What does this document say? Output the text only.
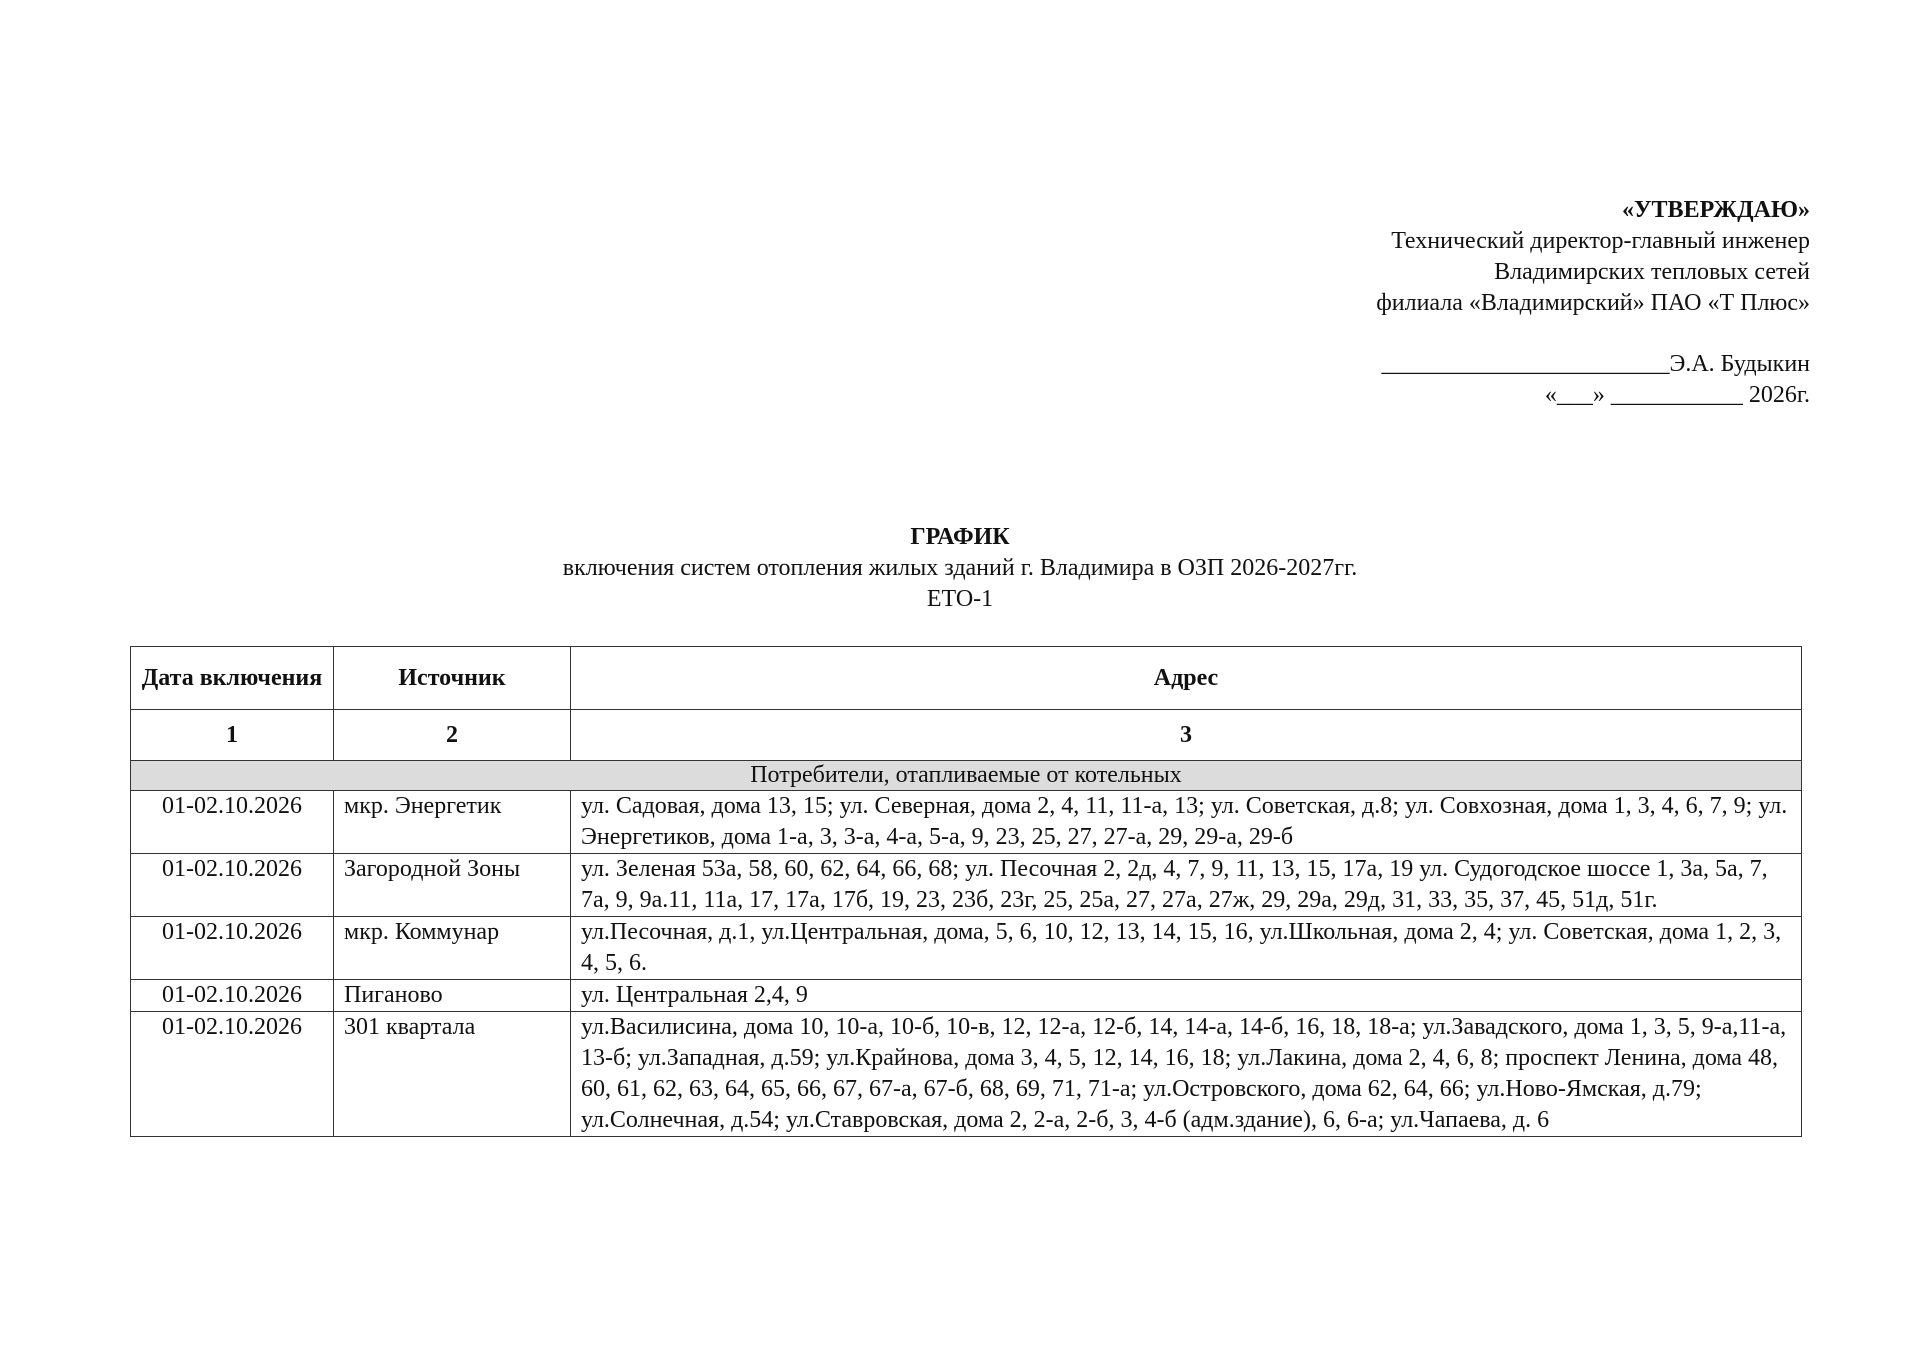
«УТВЕРЖДАЮ»
Технический директор-главный инженер
Владимирских тепловых сетей
филиала «Владимирский» ПАО «Т Плюс»
________________________Э.А. Будыкин
«___» ___________ 2026г.
ГРАФИК
включения систем отопления жилых зданий г. Владимира в ОЗП 2026-2027гг.
ЕТО-1
Дата включения	Источник	Адрес
1	2	3
Потребители, отапливаемые от котельных		
01-02.10.2026	мкр. Энергетик	ул. Садовая, дома 13, 15; ул. Северная, дома 2, 4, 11, 11-а, 13; ул. Советская, д.8; ул. Совхозная, дома 1, 3, 4, 6, 7, 9; ул. Энергетиков, дома 1-а, 3, 3-а, 4-а, 5-а, 9, 23, 25, 27, 27-а, 29, 29-а, 29-б
01-02.10.2026	Загородной Зоны	ул. Зеленая 53а, 58, 60, 62, 64, 66, 68; ул. Песочная 2, 2д, 4, 7, 9, 11, 13, 15, 17а, 19 ул. Судогодское шоссе 1, 3а, 5а, 7, 7а, 9, 9а.11, 11а, 17, 17а, 17б, 19, 23, 23б, 23г, 25, 25а, 27, 27а, 27ж, 29, 29а, 29д, 31, 33, 35, 37, 45, 51д, 51г.
01-02.10.2026	мкр. Коммунар	ул.Песочная, д.1, ул.Центральная, дома, 5, 6, 10, 12, 13, 14, 15, 16, ул.Школьная, дома 2, 4; ул. Советская, дома 1, 2, 3, 4, 5, 6.
01-02.10.2026	Пиганово	ул. Центральная 2,4, 9
01-02.10.2026	301 квартала	ул.Василисина, дома 10, 10-а, 10-б, 10-в, 12, 12-а, 12-б, 14, 14-а, 14-б, 16, 18, 18-а; ул.Завадского, дома 1, 3, 5, 9-а,11-а, 13-б; ул.Западная, д.59; ул.Крайнова, дома 3, 4, 5, 12, 14, 16, 18; ул.Лакина, дома 2, 4, 6, 8; проспект Ленина, дома 48, 60, 61, 62, 63, 64, 65, 66, 67, 67-а, 67-б, 68, 69, 71, 71-а; ул.Островского, дома 62, 64, 66; ул.Ново-Ямская, д.79; ул.Солнечная, д.54; ул.Ставровская, дома 2, 2-а, 2-б, 3, 4-б (адм.здание), 6, 6-а; ул.Чапаева, д. 6
